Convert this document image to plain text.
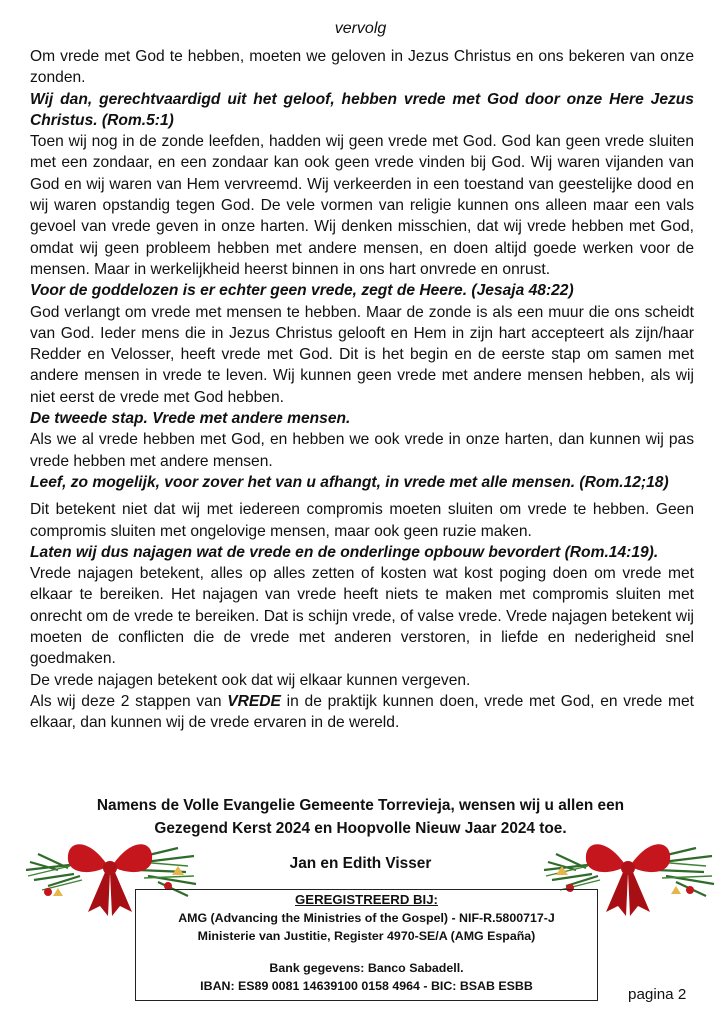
vervolg

Om vrede met God te hebben, moeten we geloven in Jezus Christus en ons bekeren van onze zonden.

Wij dan, gerechtvaardigd uit het geloof, hebben vrede met God door onze Here Jezus Christus. (Rom.5:1)

Toen wij nog in de zonde leefden, hadden wij geen vrede met God. God kan geen vrede sluiten met een zondaar, en een zondaar kan ook geen vrede vinden bij God. Wij waren vijanden van God en wij waren van Hem vervreemd. Wij verkeerden in een toestand van geestelijke dood en wij waren opstandig tegen God. De vele vormen van religie kunnen ons alleen maar een vals gevoel van vrede geven in onze harten. Wij denken misschien, dat wij vrede hebben met God, omdat wij geen probleem hebben met andere mensen, en doen altijd goede werken voor de mensen. Maar in werkelijkheid heerst binnen in ons hart onvrede en onrust.

Voor de goddelozen is er echter geen vrede, zegt de Heere. (Jesaja 48:22)

God verlangt om vrede met mensen te hebben. Maar de zonde is als een muur die ons scheidt van God. Ieder mens die in Jezus Christus gelooft en Hem in zijn hart accepteert als zijn/haar Redder en Velosser, heeft vrede met God. Dit is het begin en de eerste stap om samen met andere mensen in vrede te leven. Wij kunnen geen vrede met andere mensen hebben, als wij niet eerst de vrede met God hebben.

De tweede stap. Vrede met andere mensen.

Als we al vrede hebben met God, en hebben we ook vrede in onze harten, dan kunnen wij pas vrede hebben met andere mensen.

Leef, zo mogelijk, voor zover het van u afhangt, in vrede met alle mensen. (Rom.12;18)

Dit betekent niet dat wij met iedereen compromis moeten sluiten om vrede te hebben. Geen compromis sluiten met ongelovige mensen, maar ook geen ruzie maken.

Laten wij dus najagen wat de vrede en de onderlinge opbouw bevordert (Rom.14:19).

Vrede najagen betekent, alles op alles zetten of kosten wat kost poging doen om vrede met elkaar te bereiken. Het najagen van vrede heeft niets te maken met compromis sluiten met onrecht om de vrede te bereiken. Dat is schijn vrede, of valse vrede. Vrede najagen betekent wij moeten de conflicten die de vrede met anderen verstoren, in liefde en nederigheid snel goedmaken.

De vrede najagen betekent ook dat wij elkaar kunnen vergeven.

Als wij deze 2 stappen van VREDE in de praktijk kunnen doen, vrede met God, en vrede met elkaar, dan kunnen wij de vrede ervaren in de wereld.

Namens de Volle Evangelie Gemeente Torrevieja, wensen wij u allen een
Gezegend Kerst 2024 en Hoopvolle Nieuw Jaar 2024 toe.
Jan en Edith Visser
GEREGISTREERD BIJ:
AMG (Advancing the Ministries of the Gospel) - NIF-R.5800717-J
Ministerie van Justitie, Register 4970-SE/A (AMG España)
Bank gegevens: Banco Sabadell.
IBAN: ES89 0081 14639100 0158 4964 - BIC: BSAB ESBB	pagina 2
